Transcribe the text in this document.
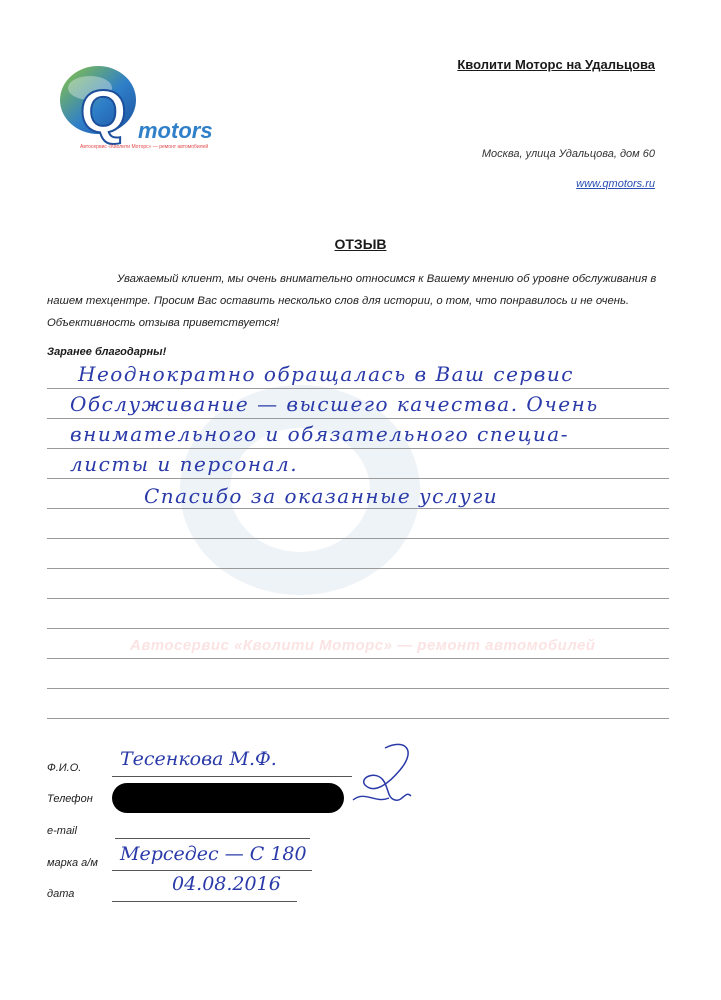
Q motors
Автосервис «Кволити Моторс» — ремонт автомобилей
Кволити Моторс на Удальцова
Москва, улица Удальцова, дом 60
www.qmotors.ru
Автосервис «Кволити Моторс» — ремонт автомобилей
ОТЗЫВ
Уважаемый клиент, мы очень внимательно относимся к Вашему мнению об уровне обслуживания в нашем техцентре. Просим Вас оставить несколько слов для истории, о том, что понравилось и не очень. Объективность отзыва приветствуется!
Заранее благодарны!
Неоднократно обращалась в Ваш сервис
Обслуживание — высшего качества. Очень
внимательного и обязательного специа-
листы и персонал.
Спасибо за оказанные услуги
Ф.И.О. Тесенкова М.Ф.
Телефон
e-mail
марка а/м Мерседес — С 180
дата	04.08.2016
